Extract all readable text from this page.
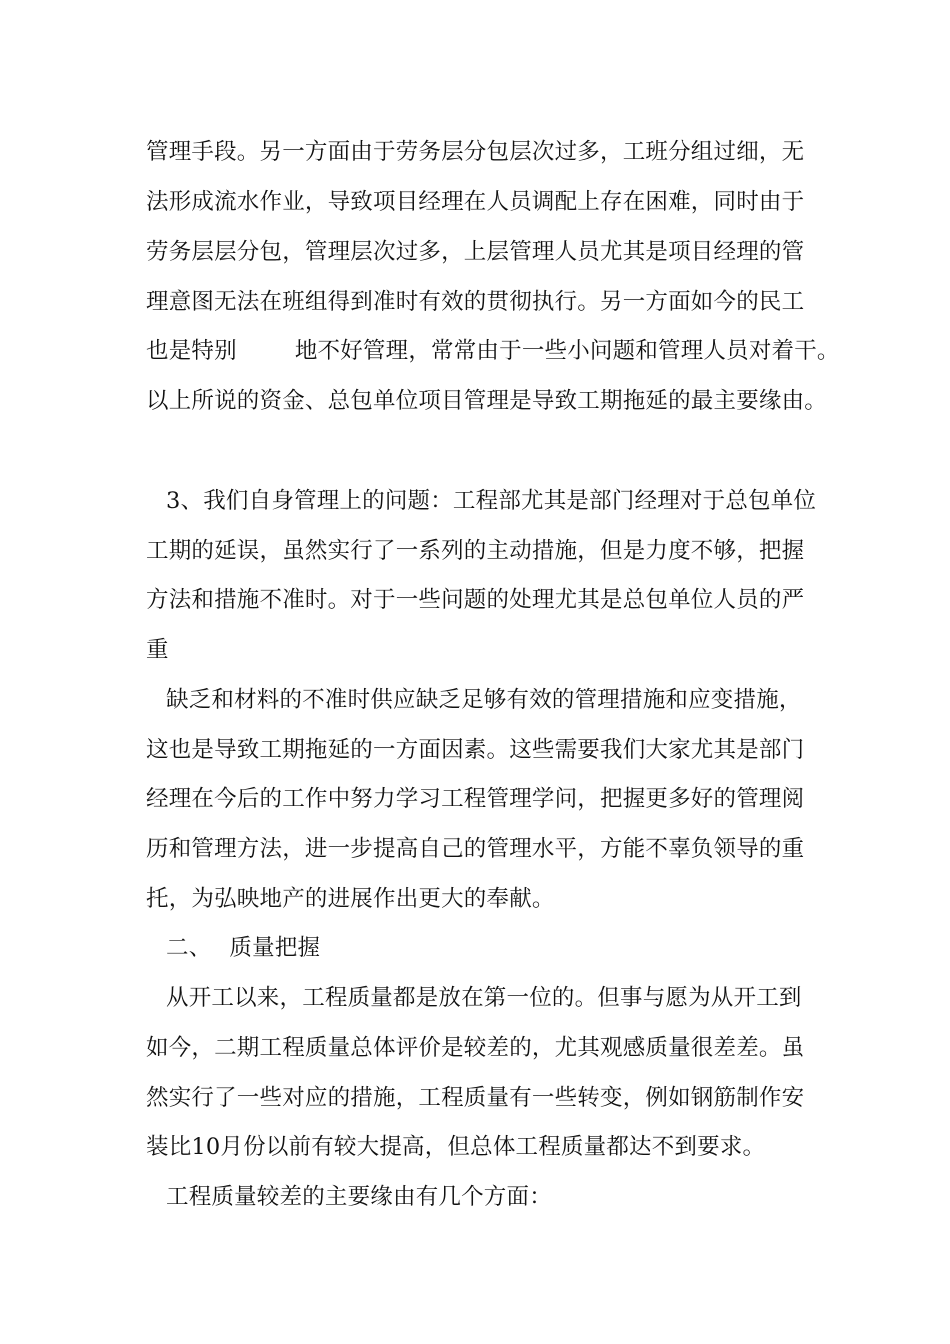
管理手段。另一方面由于劳务层分包层次过多，工班分组过细，无
法形成流水作业，导致项目经理在人员调配上存在困难，同时由于
劳务层层分包，管理层次过多，上层管理人员尤其是项目经理的管
理意图无法在班组得到准时有效的贯彻执行。另一方面如今的民工
也是特别	地不好管理，常常由于一些小问题和管理人员对着干。
以上所说的资金、总包单位项目管理是导致工期拖延的最主要缘由。
3、我们自身管理上的问题：工程部尤其是部门经理对于总包单位
工期的延误，虽然实行了一系列的主动措施，但是力度不够，把握
方法和措施不准时。对于一些问题的处理尤其是总包单位人员的严
重
缺乏和材料的不准时供应缺乏足够有效的管理措施和应变措施，
这也是导致工期拖延的一方面因素。这些需要我们大家尤其是部门
经理在今后的工作中努力学习工程管理学问，把握更多好的管理阅
历和管理方法，进一步提高自己的管理水平，方能不辜负领导的重
托，为弘映地产的进展作出更大的奉献。
二、 质量把握
从开工以来，工程质量都是放在第一位的。但事与愿为从开工到
如今，二期工程质量总体评价是较差的，尤其观感质量很差差。虽
然实行了一些对应的措施，工程质量有一些转变，例如钢筋制作安
装比10月份以前有较大提高，但总体工程质量都达不到要求。
工程质量较差的主要缘由有几个方面：
